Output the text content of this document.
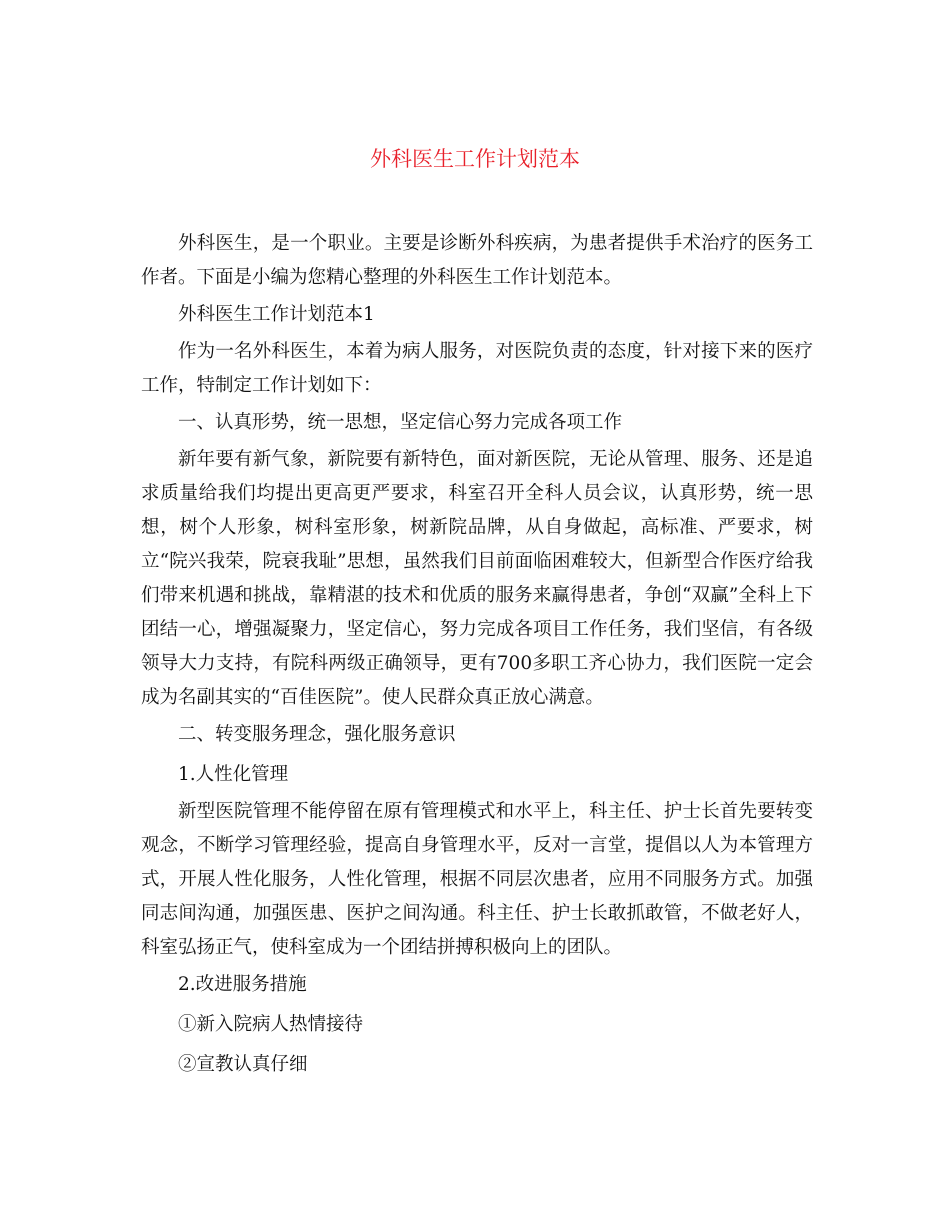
外科医生工作计划范本

外科医生，是一个职业。主要是诊断外科疾病，为患者提供手术治疗的医务工作者。下面是小编为您精心整理的外科医生工作计划范本。

外科医生工作计划范本1

作为一名外科医生，本着为病人服务，对医院负责的态度，针对接下来的医疗工作，特制定工作计划如下：

一、认真形势，统一思想，坚定信心努力完成各项工作

新年要有新气象，新院要有新特色，面对新医院，无论从管理、服务、还是追求质量给我们均提出更高更严要求，科室召开全科人员会议，认真形势，统一思想，树个人形象，树科室形象，树新院品牌，从自身做起，高标准、严要求，树立“院兴我荣，院衰我耻”思想，虽然我们目前面临困难较大，但新型合作医疗给我们带来机遇和挑战，靠精湛的技术和优质的服务来赢得患者，争创“双赢”全科上下团结一心，增强凝聚力，坚定信心，努力完成各项目工作任务，我们坚信，有各级领导大力支持，有院科两级正确领导，更有700多职工齐心协力，我们医院一定会成为名副其实的“百佳医院”。使人民群众真正放心满意。

二、转变服务理念，强化服务意识

1.人性化管理

新型医院管理不能停留在原有管理模式和水平上，科主任、护士长首先要转变观念，不断学习管理经验，提高自身管理水平，反对一言堂，提倡以人为本管理方式，开展人性化服务，人性化管理，根据不同层次患者，应用不同服务方式。加强同志间沟通，加强医患、医护之间沟通。科主任、护士长敢抓敢管，不做老好人，科室弘扬正气，使科室成为一个团结拼搏积极向上的团队。

2.改进服务措施

①新入院病人热情接待

②宣教认真仔细
